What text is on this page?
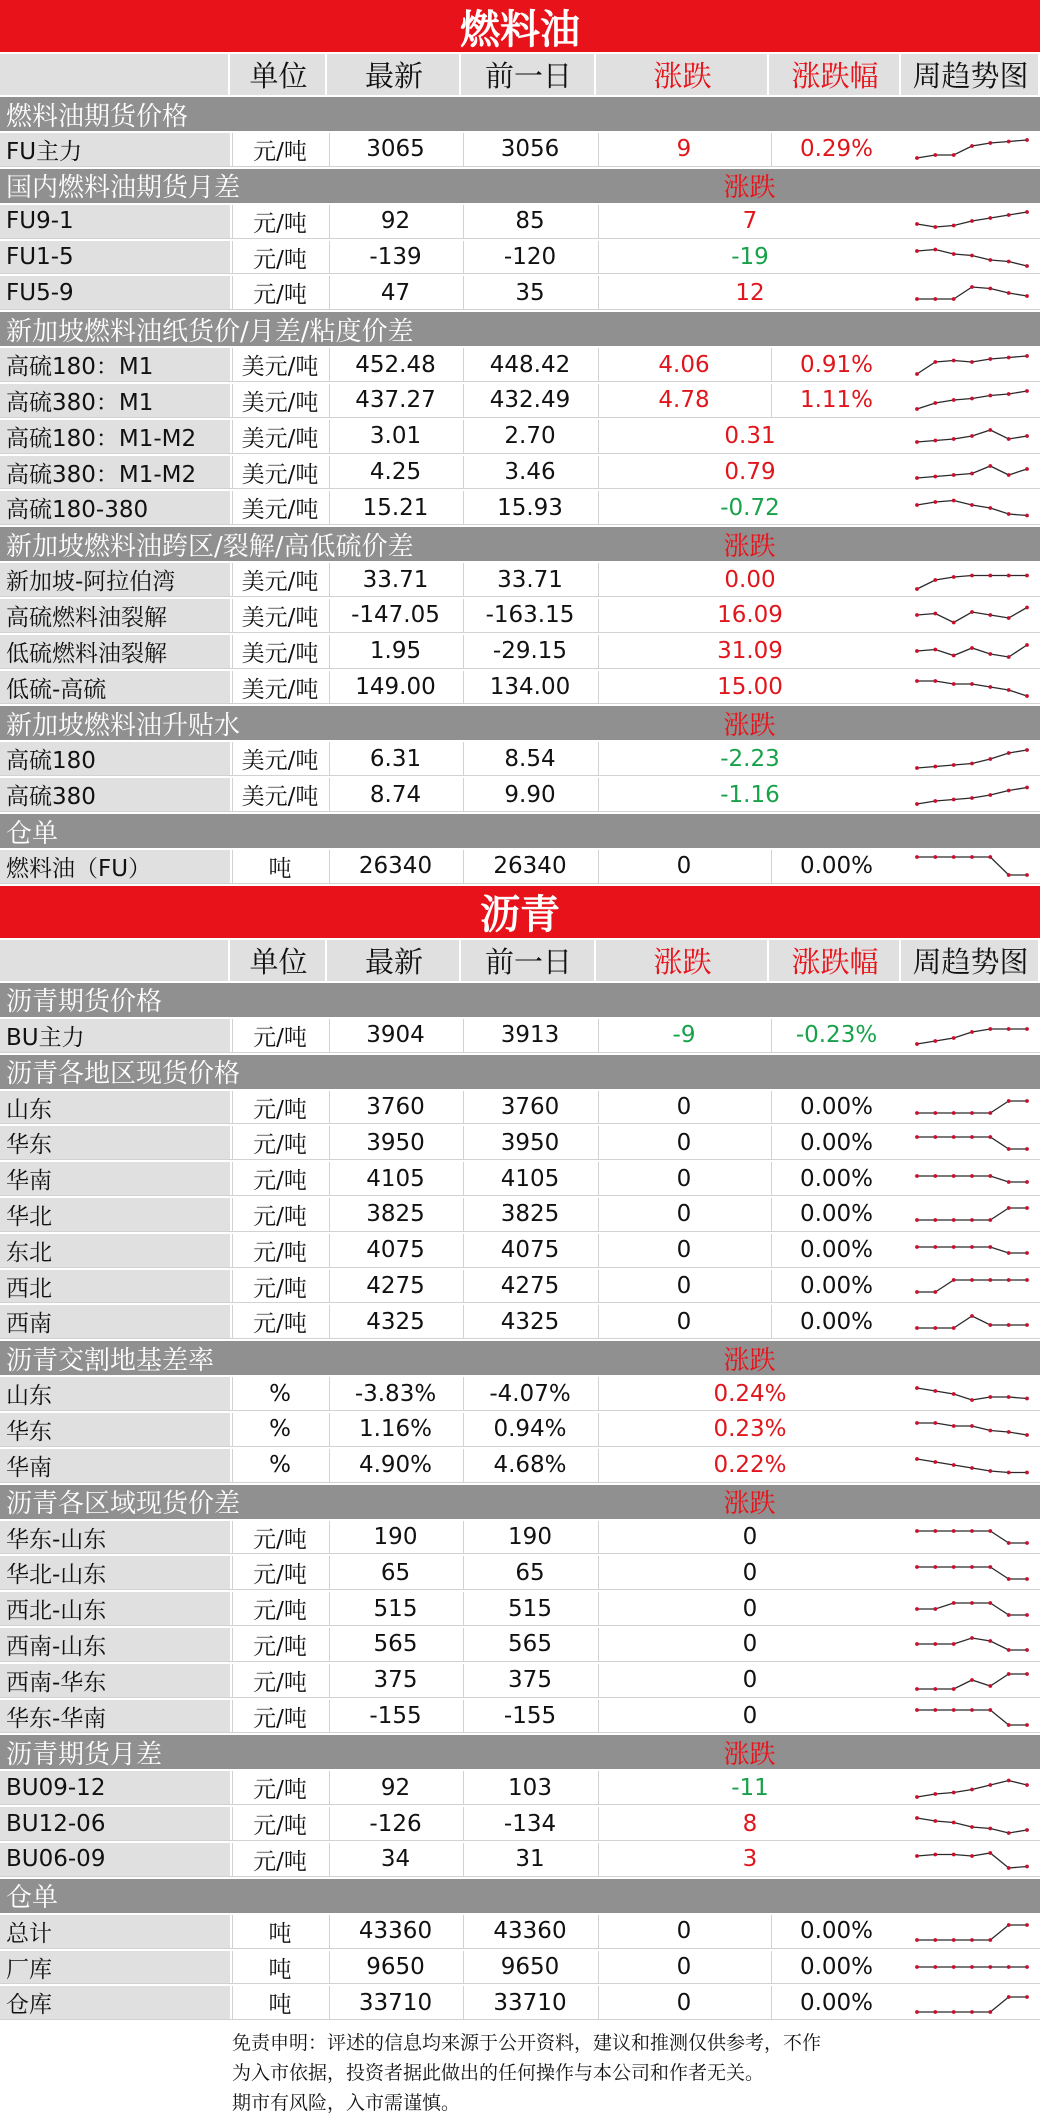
燃料油
单位	最新	前一日	涨跌	涨跌幅	周趋势图
燃料油期货价格
FU主力	元/吨	3065	3056	9	0.29%
国内燃料油期货月差	涨跌
FU9-1	元/吨	92	85	7
FU1-5	元/吨	-139	-120	-19
FU5-9	元/吨	47	35	12
新加坡燃料油纸货价/月差/粘度价差
高硫180：M1	美元/吨	452.48	448.42	4.06	0.91%
高硫380：M1	美元/吨	437.27	432.49	4.78	1.11%
高硫180：M1-M2	美元/吨	3.01	2.70	0.31
高硫380：M1-M2	美元/吨	4.25	3.46	0.79
高硫180-380	美元/吨	15.21	15.93	-0.72
新加坡燃料油跨区/裂解/高低硫价差	涨跌
新加坡-阿拉伯湾	美元/吨	33.71	33.71	0.00
高硫燃料油裂解	美元/吨	-147.05	-163.15	16.09
低硫燃料油裂解	美元/吨	1.95	-29.15	31.09
低硫-高硫	美元/吨	149.00	134.00	15.00
新加坡燃料油升贴水	涨跌
高硫180	美元/吨	6.31	8.54	-2.23
高硫380	美元/吨	8.74	9.90	-1.16
仓单
燃料油（FU）	吨	26340	26340	0	0.00%
沥青
单位	最新	前一日	涨跌	涨跌幅	周趋势图
沥青期货价格
BU主力	元/吨	3904	3913	-9	-0.23%
沥青各地区现货价格
山东	元/吨	3760	3760	0	0.00%
华东	元/吨	3950	3950	0	0.00%
华南	元/吨	4105	4105	0	0.00%
华北	元/吨	3825	3825	0	0.00%
东北	元/吨	4075	4075	0	0.00%
西北	元/吨	4275	4275	0	0.00%
西南	元/吨	4325	4325	0	0.00%
沥青交割地基差率	涨跌
山东	%	-3.83%	-4.07%	0.24%
华东	%	1.16%	0.94%	0.23%
华南	%	4.90%	4.68%	0.22%
沥青各区域现货价差	涨跌
华东-山东	元/吨	190	190	0
华北-山东	元/吨	65	65	0
西北-山东	元/吨	515	515	0
西南-山东	元/吨	565	565	0
西南-华东	元/吨	375	375	0
华东-华南	元/吨	-155	-155	0
沥青期货月差	涨跌
BU09-12	元/吨	92	103	-11
BU12-06	元/吨	-126	-134	8
BU06-09	元/吨	34	31	3
仓单
总计	吨	43360	43360	0	0.00%
厂库	吨	9650	9650	0	0.00%
仓库	吨	33710	33710	0	0.00%
免责申明：评述的信息均来源于公开资料，建议和推测仅供参考，不作
为入市依据，投资者据此做出的任何操作与本公司和作者无关。
期市有风险，入市需谨慎。
